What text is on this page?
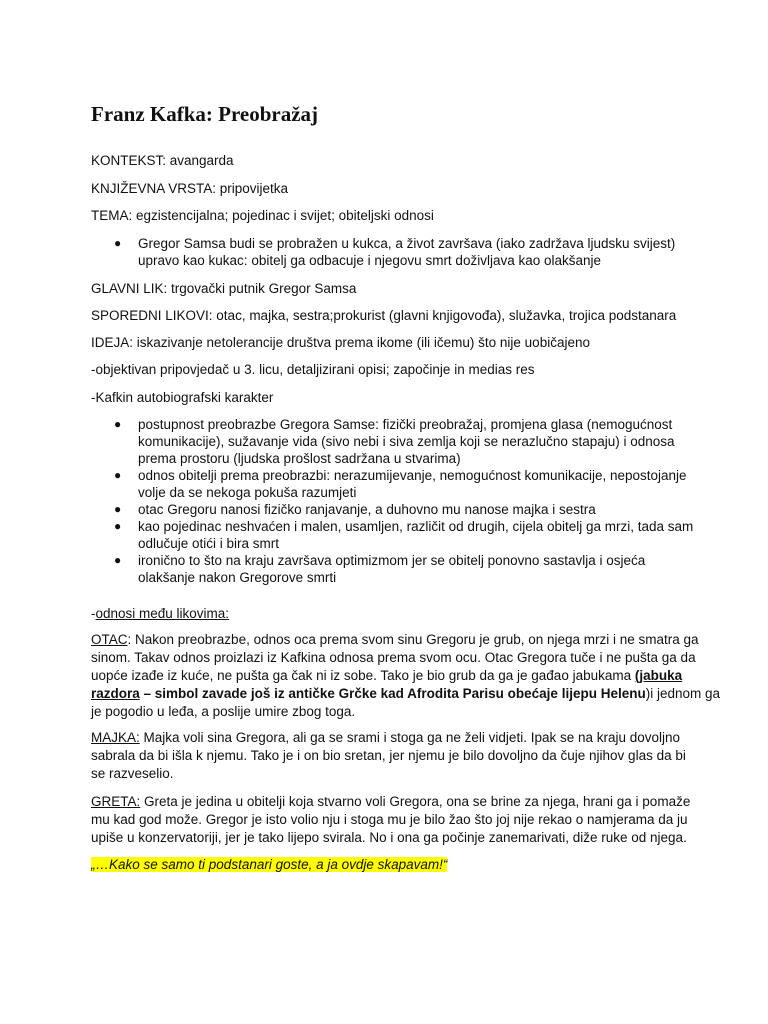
Franz Kafka: Preobražaj

KONTEKST: avangarda

KNJIŽEVNA VRSTA: pripovijetka

TEMA: egzistencijalna; pojedinac i svijet; obiteljski odnosi

● Gregor Samsa budi se probražen u kukca, a život završava (iako zadržava ljudsku svijest)
upravo kao kukac: obitelj ga odbacuje i njegovu smrt doživljava kao olakšanje

GLAVNI LIK: trgovački putnik Gregor Samsa

SPOREDNI LIKOVI: otac, majka, sestra;prokurist (glavni knjigovođa), služavka, trojica podstanara

IDEJA: iskazivanje netolerancije društva prema ikome (ili ičemu) što nije uobičajeno

-objektivan pripovjedač u 3. licu, detaljizirani opisi; započinje in medias res

-Kafkin autobiografski karakter

● postupnost preobrazbe Gregora Samse: fizički preobražaj, promjena glasa (nemogućnost
komunikacije), sužavanje vida (sivo nebi i siva zemlja koji se nerazlučno stapaju) i odnosa
prema prostoru (ljudska prošlost sadržana u stvarima)
● odnos obitelji prema preobrazbi: nerazumijevanje, nemogućnost komunikacije, nepostojanje
volje da se nekoga pokuša razumjeti
● otac Gregoru nanosi fizičko ranjavanje, a duhovno mu nanose majka i sestra
● kao pojedinac neshvaćen i malen, usamljen, različit od drugih, cijela obitelj ga mrzi, tada sam
odlučuje otići i bira smrt
● ironično to što na kraju završava optimizmom jer se obitelj ponovno sastavlja i osjeća
olakšanje nakon Gregorove smrti

-odnosi među likovima:

OTAC: Nakon preobrazbe, odnos oca prema svom sinu Gregoru je grub, on njega mrzi i ne smatra ga
sinom. Takav odnos proizlazi iz Kafkina odnosa prema svom ocu. Otac Gregora tuče i ne pušta ga da
uopće izađe iz kuće, ne pušta ga čak ni iz sobe. Tako je bio grub da ga je gađao jabukama (jabuka
razdora – simbol zavade još iz antičke Grčke kad Afrodita Parisu obećaje lijepu Helenu)i jednom ga
je pogodio u leđa, a poslije umire zbog toga.
MAJKA: Majka voli sina Gregora, ali ga se srami i stoga ga ne želi vidjeti. Ipak se na kraju dovoljno
sabrala da bi išla k njemu. Tako je i on bio sretan, jer njemu je bilo dovoljno da čuje njihov glas da bi
se razveselio.
GRETA: Greta je jedina u obitelji koja stvarno voli Gregora, ona se brine za njega, hrani ga i pomaže
mu kad god može. Gregor je isto volio nju i stoga mu je bilo žao što joj nije rekao o namjerama da ju
upiše u konzervatoriji, jer je tako lijepo svirala. No i ona ga počinje zanemarivati, diže ruke od njega.

„…Kako se samo ti podstanari goste, a ja ovdje skapavam!“
